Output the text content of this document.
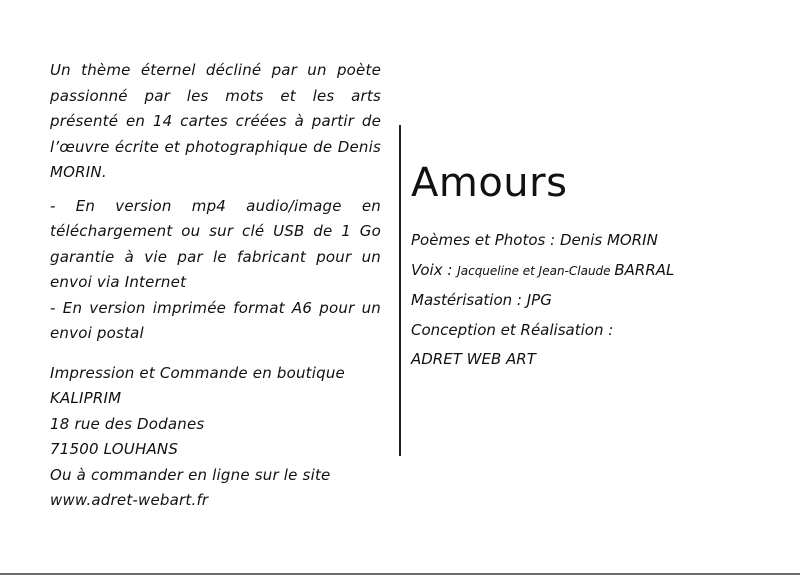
Un thème éternel décliné par un poète passionné par les mots et les arts présenté en 14 cartes créées à partir de l’œuvre écrite et photographique de Denis MORIN.

- En version mp4 audio/image en téléchargement ou sur clé USB de 1 Go garantie à vie par le fabricant pour un envoi via Internet

- En version imprimée format A6 pour un envoi postal

Impression et Commande en boutique
KALIPRIM
18 rue des Dodanes
71500 LOUHANS
Ou à commander en ligne sur le site
www.adret-webart.fr
Amours
Poèmes et Photos : Denis MORIN
Voix : Jacqueline et Jean-Claude BARRAL
Mastérisation : JPG
Conception et Réalisation :
ADRET WEB ART
